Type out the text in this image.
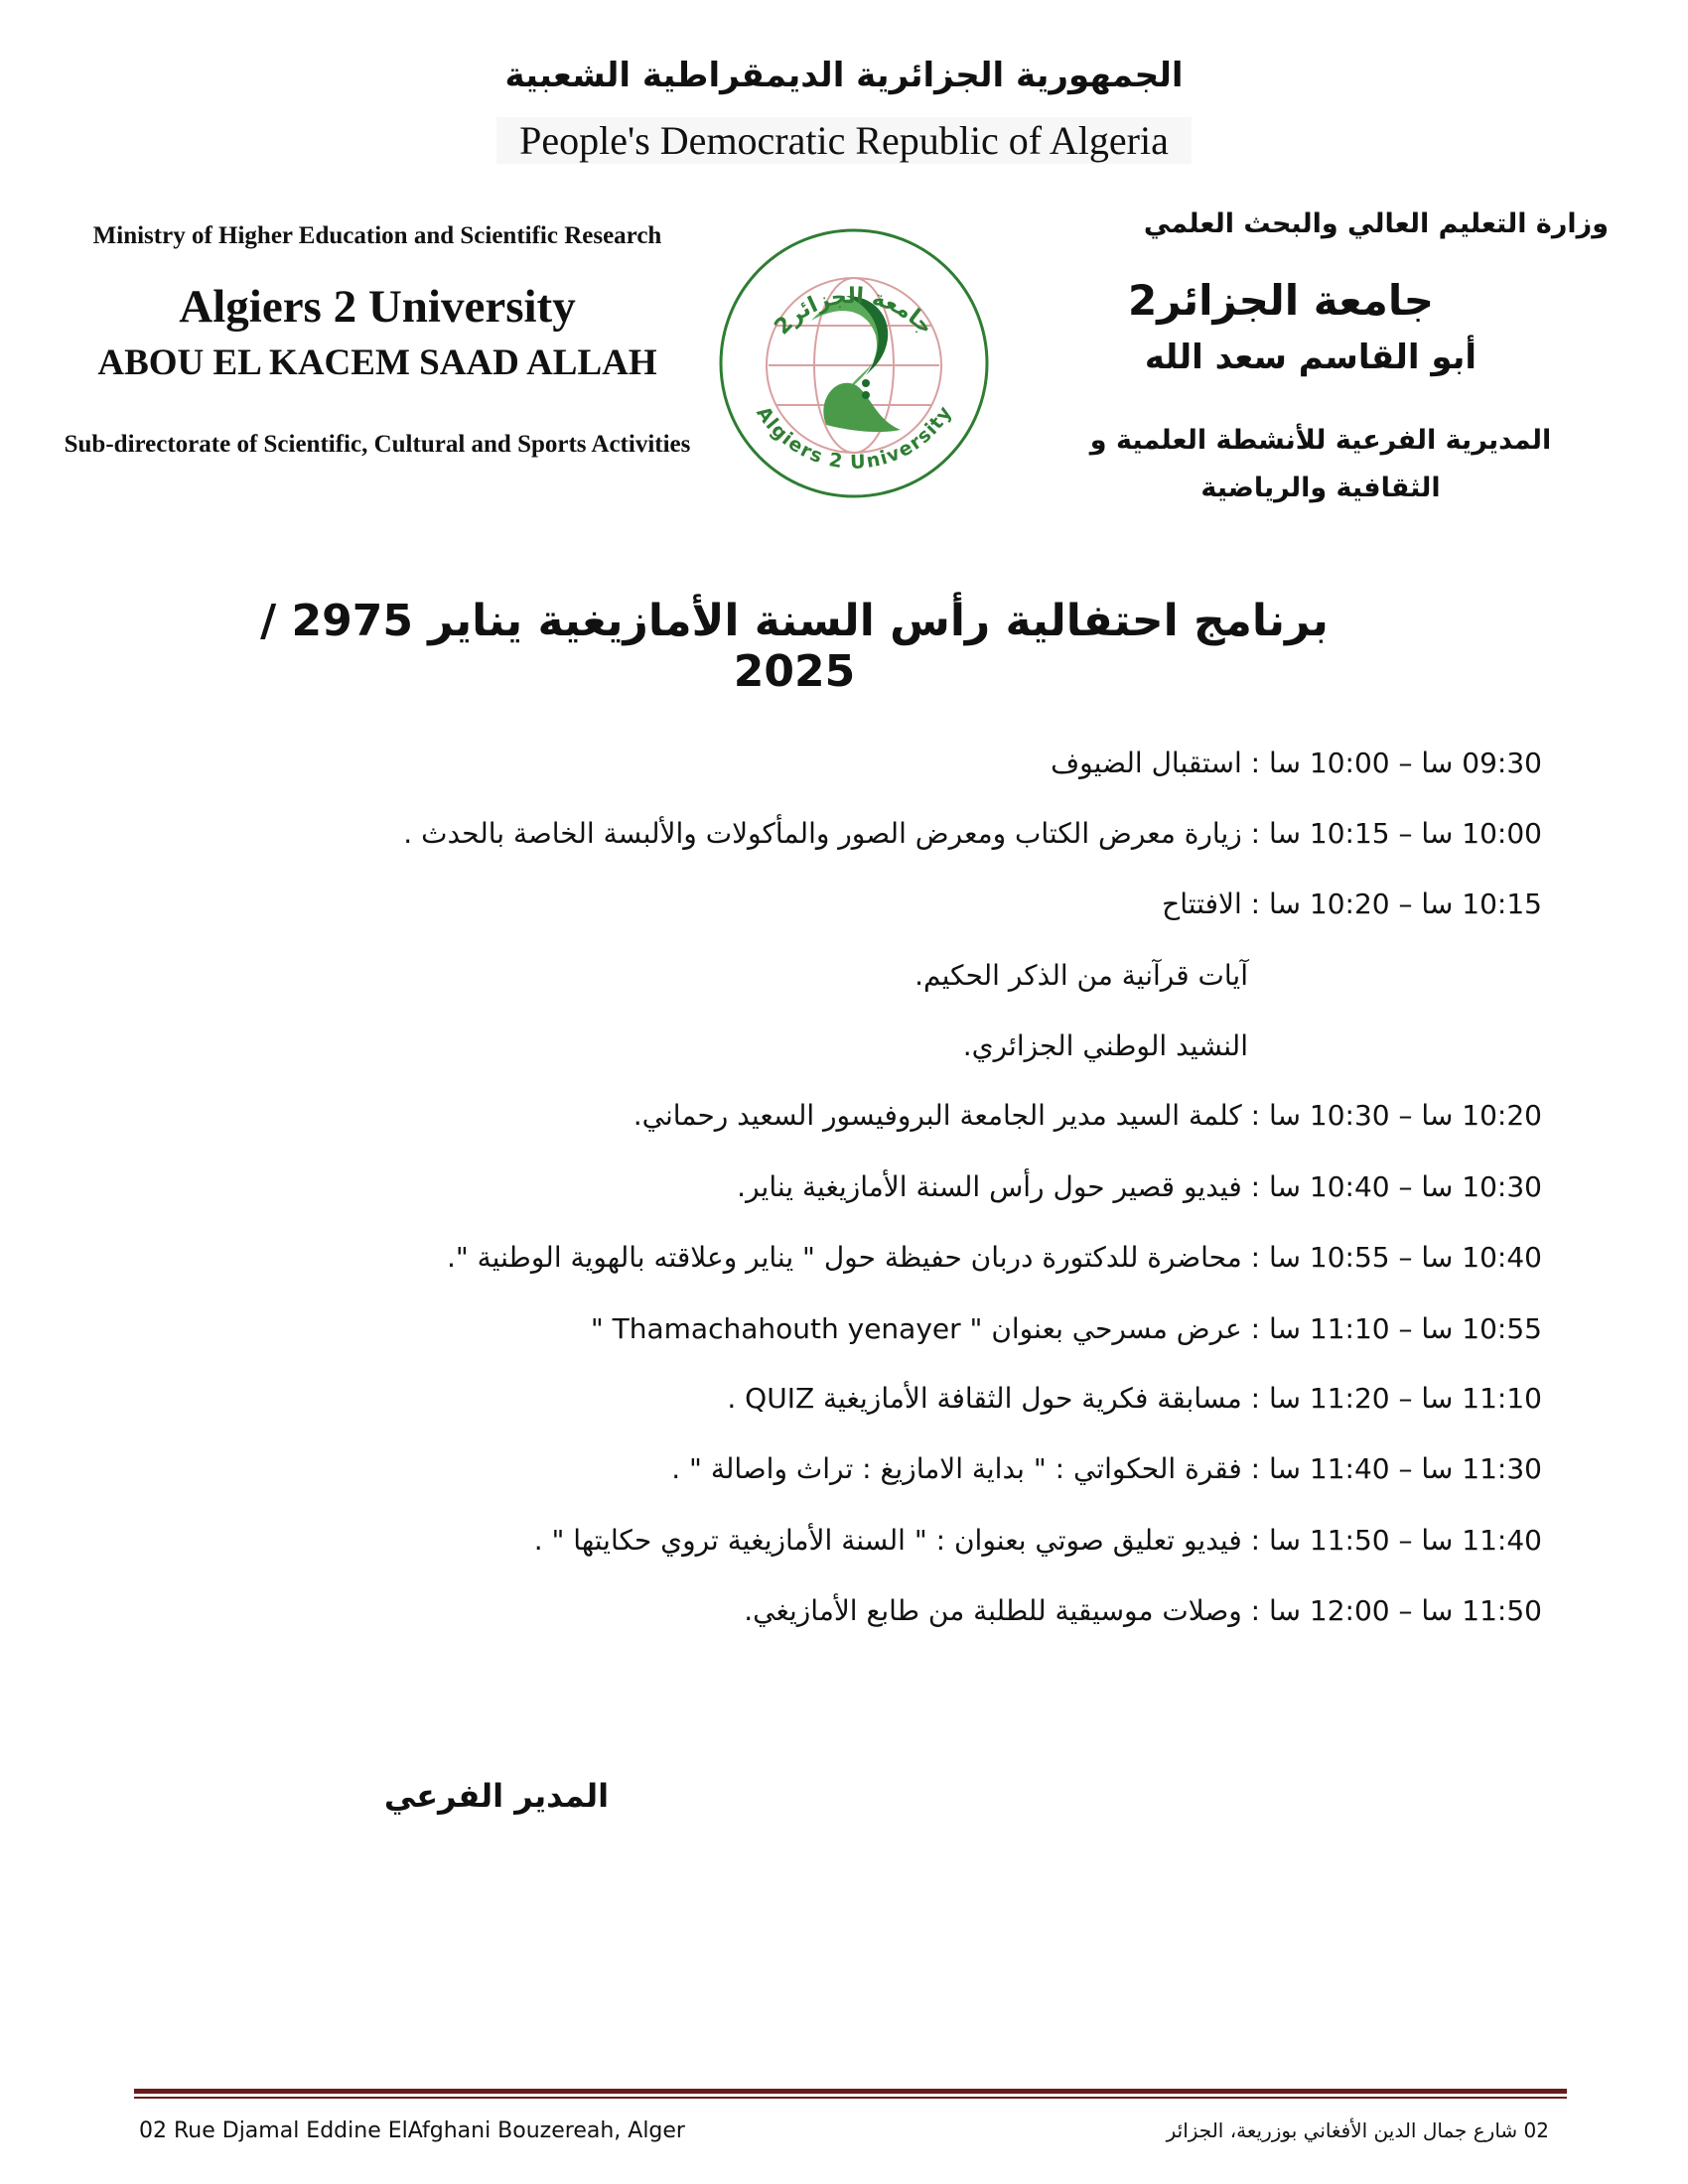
الجمهورية الجزائرية الديمقراطية الشعبية
People's Democratic Republic of Algeria
Ministry of Higher Education and Scientific Research
Algiers 2 University
ABOU EL KACEM SAAD ALLAH
Sub-directorate of Scientific, Cultural and Sports Activities
وزارة التعليم العالي والبحث العلمي
جامعة الجزائر2
أبو القاسم سعد الله
المديرية الفرعية للأنشطة العلمية و الثقافية والرياضية
جامعة الجزائر2
Algiers 2 University
برنامج احتفالية رأس السنة الأمازيغية يناير 2975 / 2025
09:30 سا – 10:00 سا : استقبال الضيوف
10:00 سا – 10:15 سا : زيارة معرض الكتاب ومعرض الصور والمأكولات والألبسة الخاصة بالحدث .
10:15 سا – 10:20 سا : الافتتاح
آيات قرآنية من الذكر الحكيم.
النشيد الوطني الجزائري.
10:20 سا – 10:30 سا : كلمة السيد مدير الجامعة البروفيسور السعيد رحماني.
10:30 سا – 10:40 سا : فيديو قصير حول رأس السنة الأمازيغية يناير.
10:40 سا – 10:55 سا : محاضرة للدكتورة دربان حفيظة حول " يناير وعلاقته بالهوية الوطنية ".
10:55 سا – 11:10 سا : عرض مسرحي بعنوان " Thamachahouth yenayer "
11:10 سا – 11:20 سا : مسابقة فكرية حول الثقافة الأمازيغية QUIZ .
11:30 سا – 11:40 سا : فقرة الحكواتي : " بداية الامازيغ : تراث واصالة " .
11:40 سا – 11:50 سا : فيديو تعليق صوتي بعنوان : " السنة الأمازيغية تروي حكايتها " .
11:50 سا – 12:00 سا : وصلات موسيقية للطلبة من طابع الأمازيغي.
المدير الفرعي
02 Rue Djamal Eddine ElAfghani Bouzereah, Alger	02 شارع جمال الدين الأفغاني بوزريعة، الجزائر
